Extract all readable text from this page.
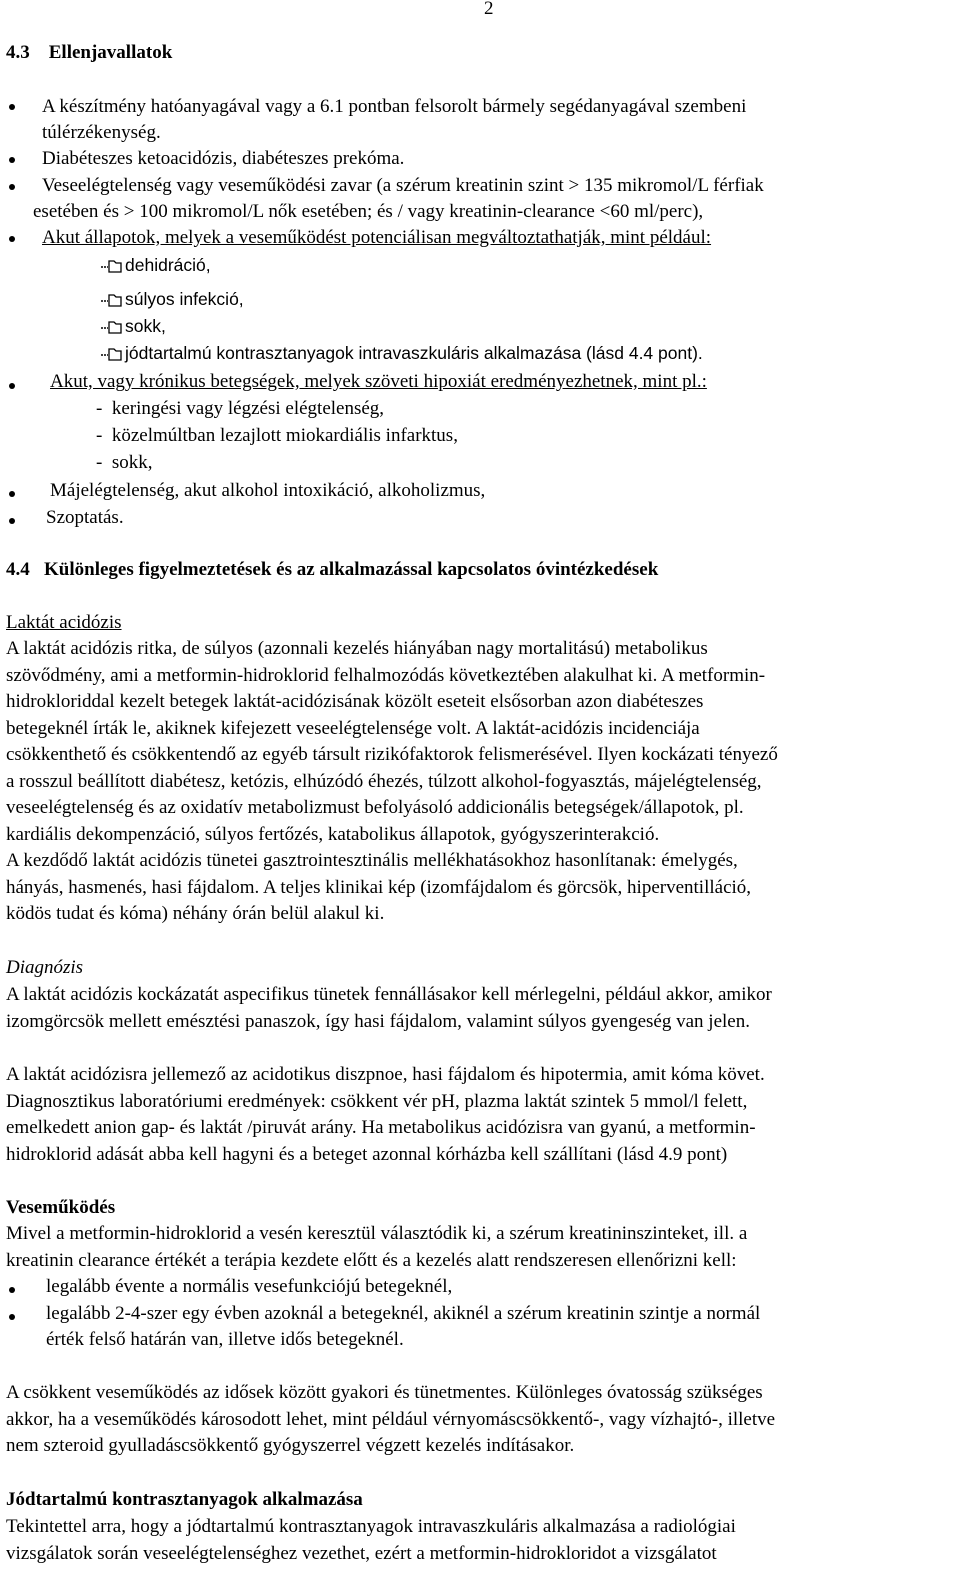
2
4.3    Ellenjavallatok
A készítmény hatóanyagával vagy a 6.1 pontban felsorolt bármely segédanyagával szembeni
túlérzékenység.
Diabéteszes ketoacidózis, diabéteszes prekóma.
Veseelégtelenség vagy veseműködési zavar (a szérum kreatinin szint > 135 mikromol/L férfiak
esetében és > 100 mikromol/L nők esetében; és / vagy kreatinin-clearance <60 ml/perc),
Akut állapotok, melyek a veseműködést potenciálisan megváltoztathatják, mint például:
dehidráció,
súlyos infekció,
sokk,
jódtartalmú kontrasztanyagok intravaszkuláris alkalmazása (lásd 4.4 pont).
Akut, vagy krónikus betegségek, melyek szöveti hipoxiát eredményezhetnek, mint pl.:
-  keringési vagy légzési elégtelenség,
-  közelmúltban lezajlott miokardiális infarktus,
-  sokk,
Májelégtelenség, akut alkohol intoxikáció, alkoholizmus,
Szoptatás.
4.4   Különleges figyelmeztetések és az alkalmazással kapcsolatos óvintézkedések
Laktát acidózis
A laktát acidózis ritka, de súlyos (azonnali kezelés hiányában nagy mortalitású) metabolikus
szövődmény, ami a metformin-hidroklorid felhalmozódás következtében alakulhat ki. A metformin-
hidrokloriddal kezelt betegek laktát-acidózisának közölt eseteit elsősorban azon diabéteszes
betegeknél írták le, akiknek kifejezett veseelégtelensége volt. A laktát-acidózis incidenciája
csökkenthető és csökkentendő az egyéb társult rizikófaktorok felismerésével. Ilyen kockázati tényező
a rosszul beállított diabétesz, ketózis, elhúzódó éhezés, túlzott alkohol-fogyasztás, májelégtelenség,
veseelégtelenség és az oxidatív metabolizmust befolyásoló addicionális betegségek/állapotok, pl.
kardiális dekompenzáció, súlyos fertőzés, katabolikus állapotok, gyógyszerinterakció.
A kezdődő laktát acidózis tünetei gasztrointesztinális mellékhatásokhoz hasonlítanak: émelygés,
hányás, hasmenés, hasi fájdalom. A teljes klinikai kép (izomfájdalom és görcsök, hiperventilláció,
ködös tudat és kóma) néhány órán belül alakul ki.
Diagnózis
A laktát acidózis kockázatát aspecifikus tünetek fennállásakor kell mérlegelni, például akkor, amikor
izomgörcsök mellett emésztési panaszok, így hasi fájdalom, valamint súlyos gyengeség van jelen.
A laktát acidózisra jellemező az acidotikus diszpnoe, hasi fájdalom és hipotermia, amit kóma követ.
Diagnosztikus laboratóriumi eredmények: csökkent vér pH, plazma laktát szintek 5 mmol/l felett,
emelkedett anion gap- és laktát /piruvát arány. Ha metabolikus acidózisra van gyanú, a metformin-
hidroklorid adását abba kell hagyni és a beteget azonnal kórházba kell szállítani (lásd 4.9 pont)
Veseműködés
Mivel a metformin-hidroklorid a vesén keresztül választódik ki, a szérum kreatininszinteket, ill. a
kreatinin clearance értékét a terápia kezdete előtt és a kezelés alatt rendszeresen ellenőrizni kell:
legalább évente a normális vesefunkciójú betegeknél,
legalább 2-4-szer egy évben azoknál a betegeknél, akiknél a szérum kreatinin szintje a normál
érték felső határán van, illetve idős betegeknél.
A csökkent veseműködés az idősek között gyakori és tünetmentes. Különleges óvatosság szükséges
akkor, ha a veseműködés károsodott lehet, mint például vérnyomáscsökkentő-, vagy vízhajtó-, illetve
nem szteroid gyulladáscsökkentő gyógyszerrel végzett kezelés indításakor.
Jódtartalmú kontrasztanyagok alkalmazása
Tekintettel arra, hogy a jódtartalmú kontrasztanyagok intravaszkuláris alkalmazása a radiológiai
vizsgálatok során veseelégtelenséghez vezethet, ezért a metformin-hidrokloridot a vizsgálatot
